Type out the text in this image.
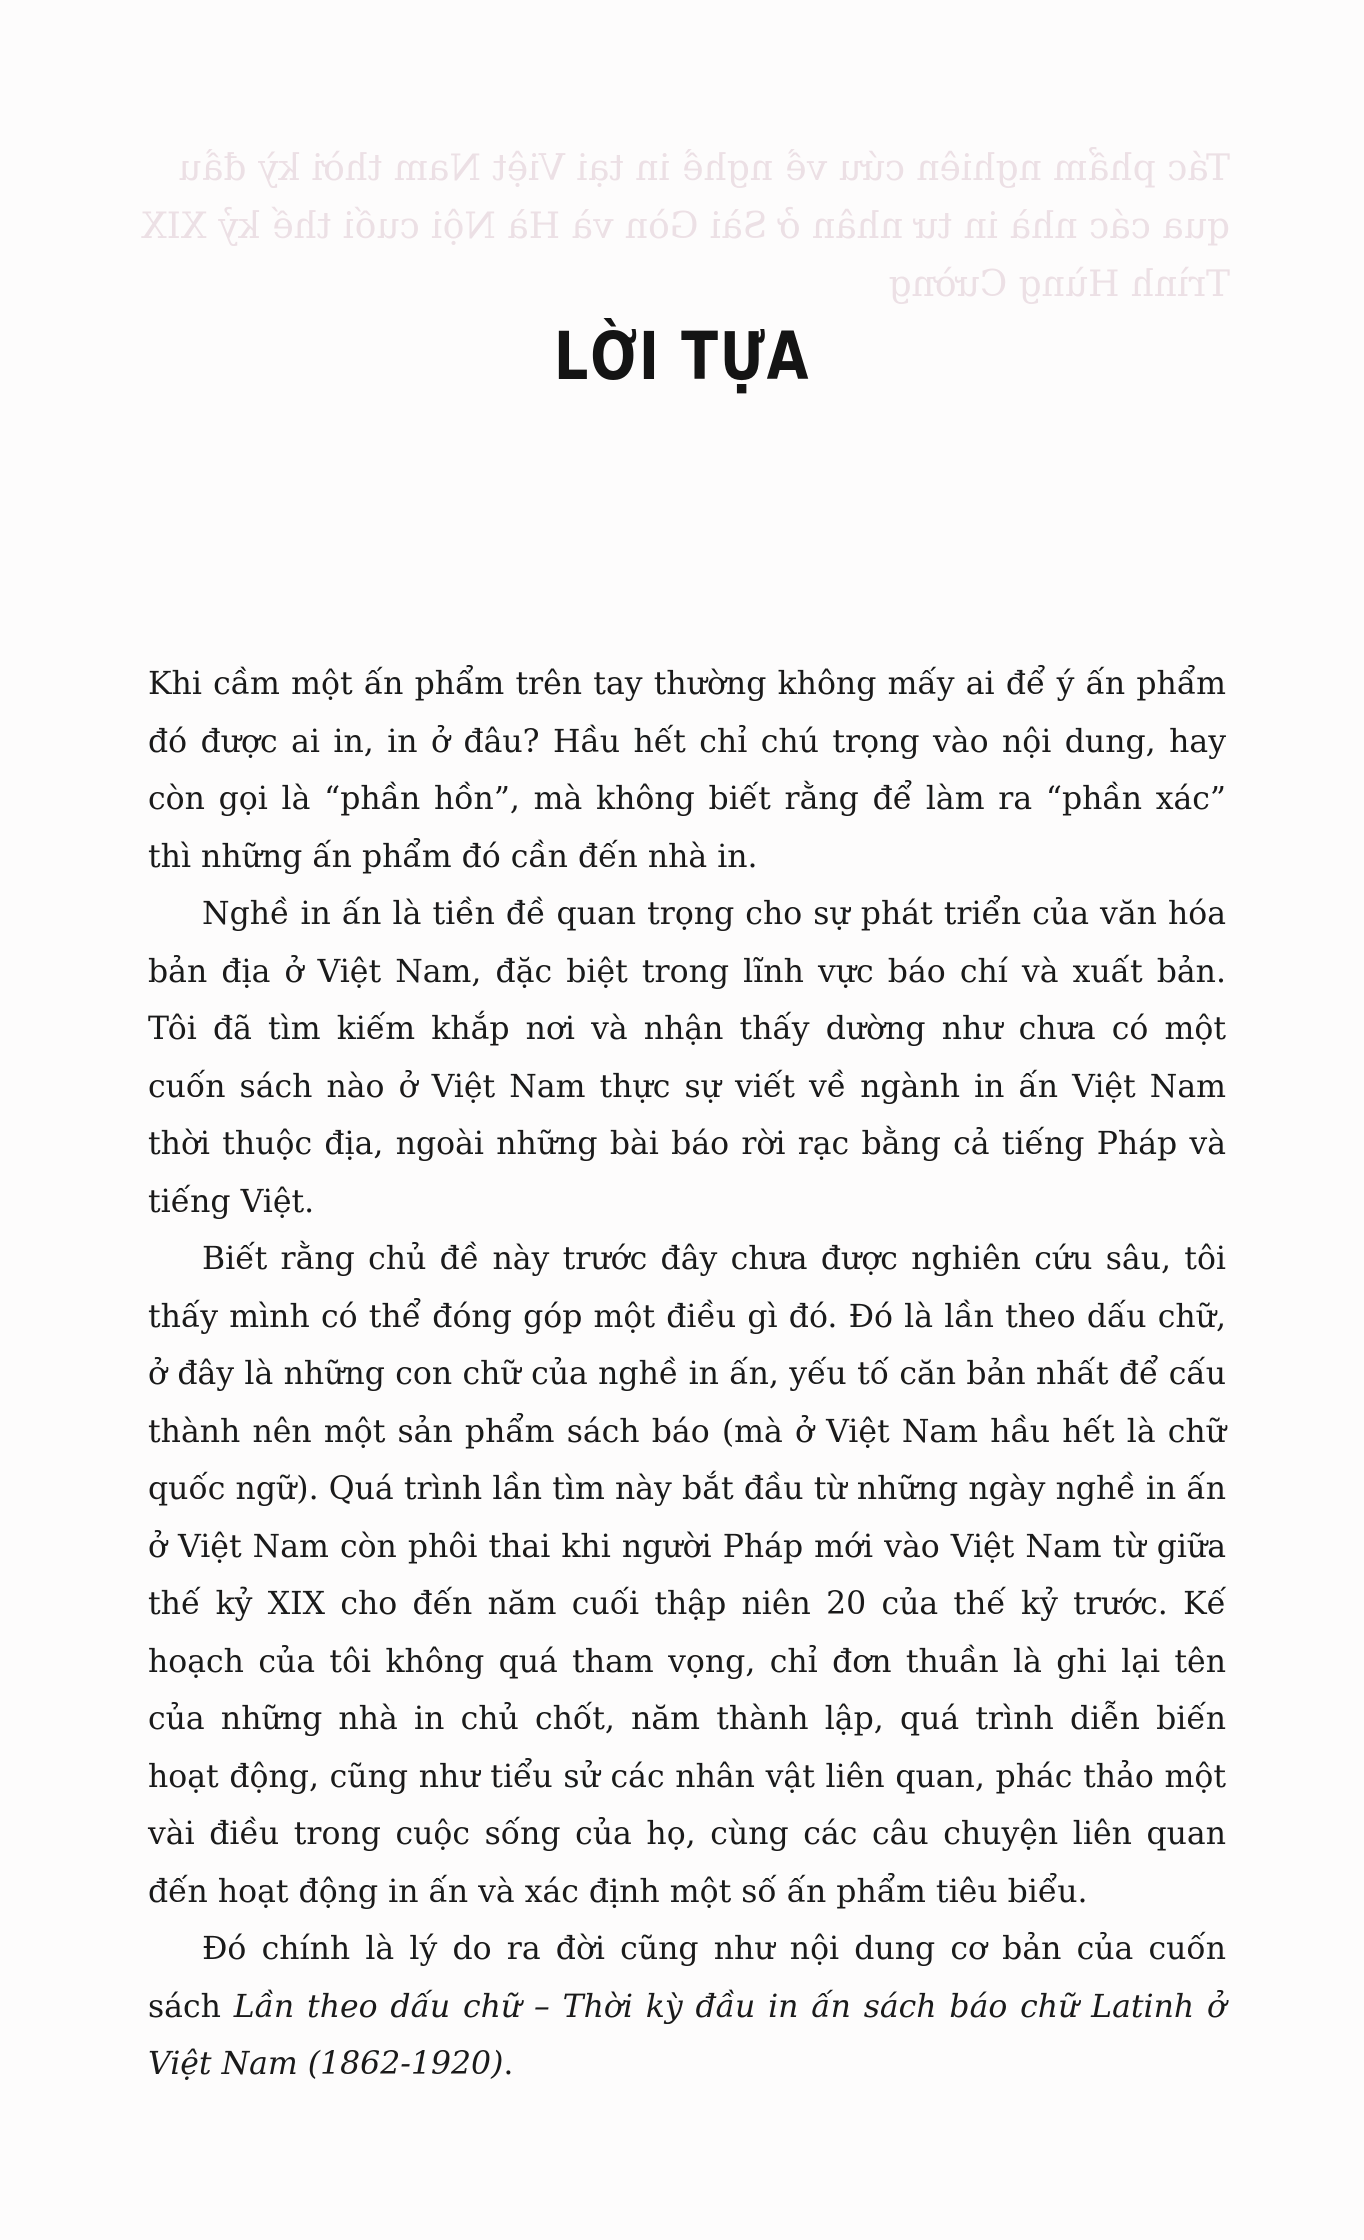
Tác phẩm nghiên cứu về nghề in tại Việt Nam thời kỳ đầu
qua các nhà in tư nhân ở Sài Gòn và Hà Nội cuối thế kỷ XIX
Trình Hùng Cường
LỜI TỰA

Khi cầm một ấn phẩm trên tay thường không mấy ai để ý ấn phẩm đó được ai in, in ở đâu? Hầu hết chỉ chú trọng vào nội dung, hay còn gọi là “phần hồn”, mà không biết rằng để làm ra “phần xác” thì những ấn phẩm đó cần đến nhà in.

Nghề in ấn là tiền đề quan trọng cho sự phát triển của văn hóa bản địa ở Việt Nam, đặc biệt trong lĩnh vực báo chí và xuất bản. Tôi đã tìm kiếm khắp nơi và nhận thấy dường như chưa có một cuốn sách nào ở Việt Nam thực sự viết về ngành in ấn Việt Nam thời thuộc địa, ngoài những bài báo rời rạc bằng cả tiếng Pháp và tiếng Việt.

Biết rằng chủ đề này trước đây chưa được nghiên cứu sâu, tôi thấy mình có thể đóng góp một điều gì đó. Đó là lần theo dấu chữ, ở đây là những con chữ của nghề in ấn, yếu tố căn bản nhất để cấu thành nên một sản phẩm sách báo (mà ở Việt Nam hầu hết là chữ quốc ngữ). Quá trình lần tìm này bắt đầu từ những ngày nghề in ấn ở Việt Nam còn phôi thai khi người Pháp mới vào Việt Nam từ giữa thế kỷ XIX cho đến năm cuối thập niên 20 của thế kỷ trước. Kế hoạch của tôi không quá tham vọng, chỉ đơn thuần là ghi lại tên của những nhà in chủ chốt, năm thành lập, quá trình diễn biến hoạt động, cũng như tiểu sử các nhân vật liên quan, phác thảo một vài điều trong cuộc sống của họ, cùng các câu chuyện liên quan đến hoạt động in ấn và xác định một số ấn phẩm tiêu biểu.

Đó chính là lý do ra đời cũng như nội dung cơ bản của cuốn sách Lần theo dấu chữ – Thời kỳ đầu in ấn sách báo chữ Latinh ở Việt Nam (1862-1920).
